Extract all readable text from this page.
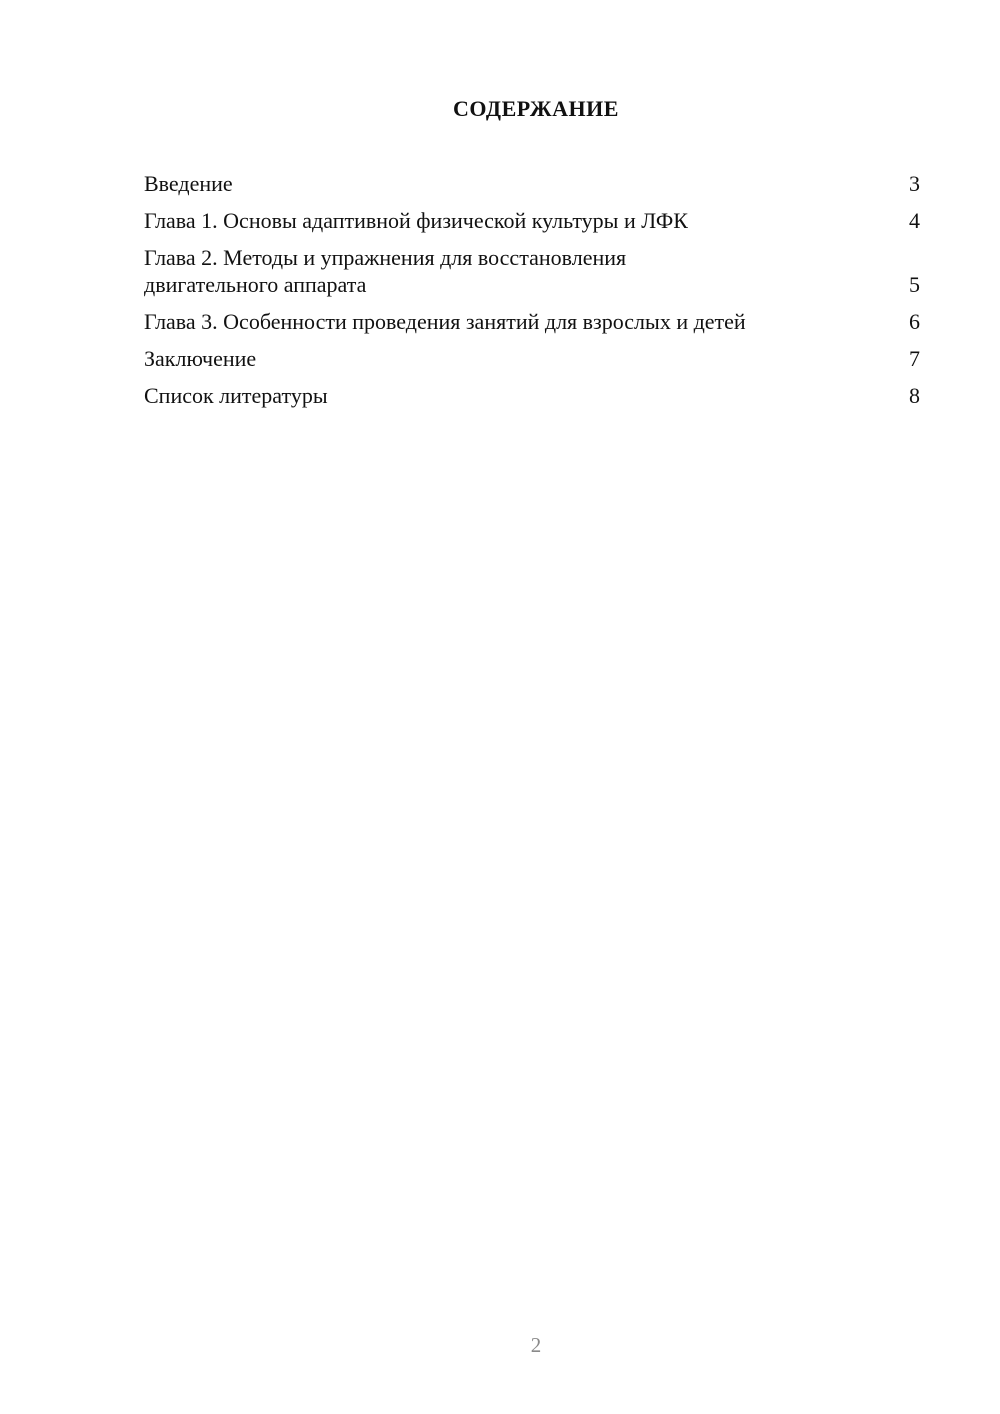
СОДЕРЖАНИЕ
Введение	3
Глава 1. Основы адаптивной физической культуры и ЛФК	4
Глава 2. Методы и упражнения для восстановления двигательного аппарата	5
Глава 3. Особенности проведения занятий для взрослых и детей	6
Заключение	7
Список литературы	8
2
